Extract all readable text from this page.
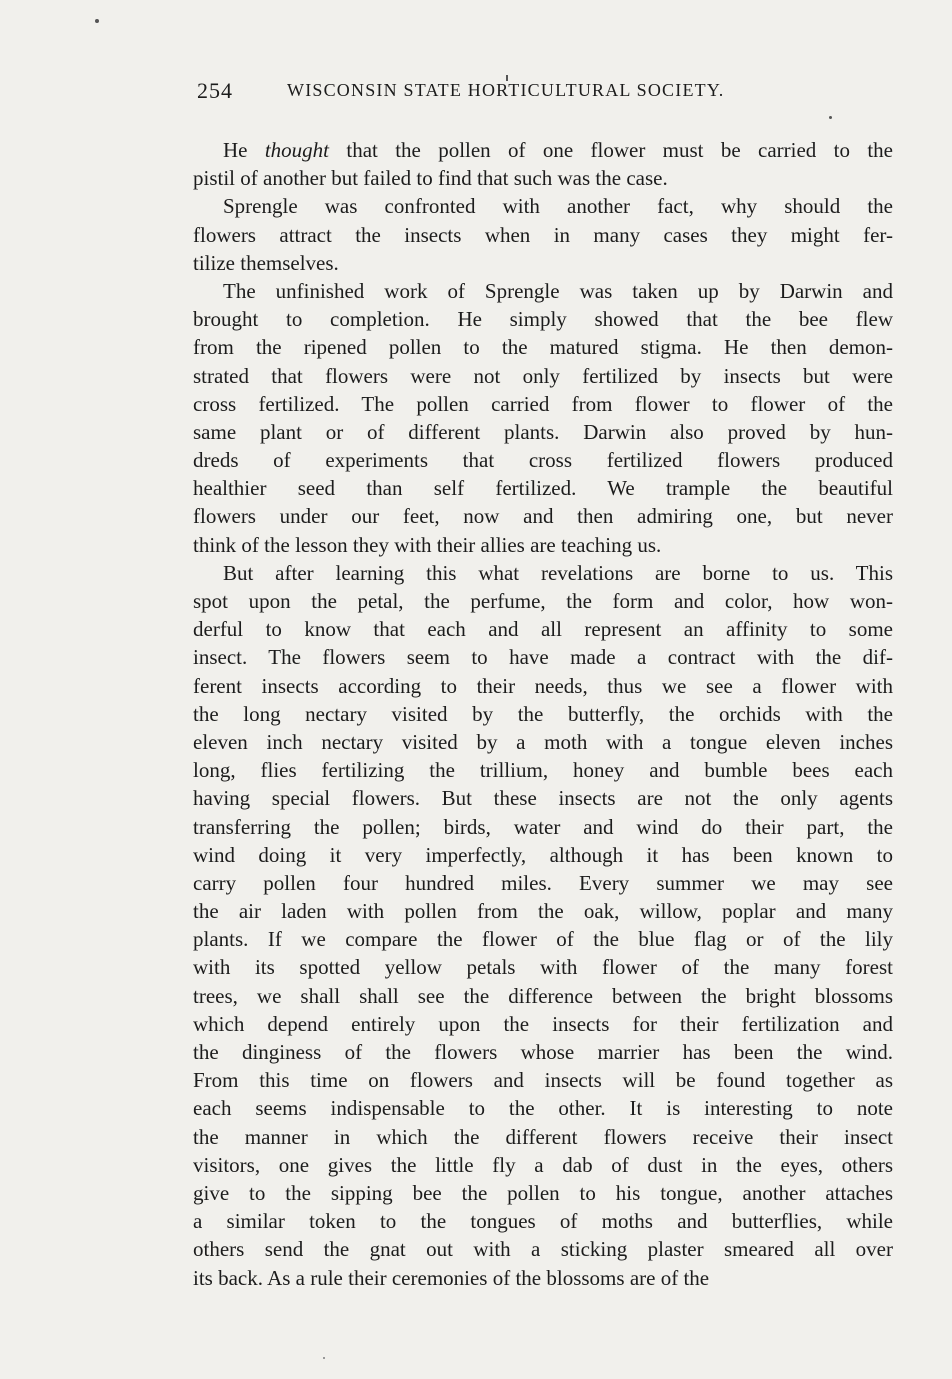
254	WISCONSIN STATE HORTICULTURAL SOCIETY.
He thought that the pollen of one flower must be carried to the
pistil of another but failed to find that such was the case.
Sprengle was confronted with another fact, why should the
flowers attract the insects when in many cases they might fer-
tilize themselves.
The unfinished work of Sprengle was taken up by Darwin and
brought to completion. He simply showed that the bee flew
from the ripened pollen to the matured stigma. He then demon-
strated that flowers were not only fertilized by insects but were
cross fertilized. The pollen carried from flower to flower of the
same plant or of different plants. Darwin also proved by hun-
dreds of experiments that cross fertilized flowers produced
healthier seed than self fertilized. We trample the beautiful
flowers under our feet, now and then admiring one, but never
think of the lesson they with their allies are teaching us.
But after learning this what revelations are borne to us. This
spot upon the petal, the perfume, the form and color, how won-
derful to know that each and all represent an affinity to some
insect. The flowers seem to have made a contract with the dif-
ferent insects according to their needs, thus we see a flower with
the long nectary visited by the butterfly, the orchids with the
eleven inch nectary visited by a moth with a tongue eleven inches
long, flies fertilizing the trillium, honey and bumble bees each
having special flowers. But these insects are not the only agents
transferring the pollen; birds, water and wind do their part, the
wind doing it very imperfectly, although it has been known to
carry pollen four hundred miles. Every summer we may see
the air laden with pollen from the oak, willow, poplar and many
plants. If we compare the flower of the blue flag or of the lily
with its spotted yellow petals with flower of the many forest
trees, we shall shall see the difference between the bright blossoms
which depend entirely upon the insects for their fertilization and
the dinginess of the flowers whose marrier has been the wind.
From this time on flowers and insects will be found together as
each seems indispensable to the other. It is interesting to note
the manner in which the different flowers receive their insect
visitors, one gives the little fly a dab of dust in the eyes, others
give to the sipping bee the pollen to his tongue, another attaches
a similar token to the tongues of moths and butterflies, while
others send the gnat out with a sticking plaster smeared all over
its back. As a rule their ceremonies of the blossoms are of the
